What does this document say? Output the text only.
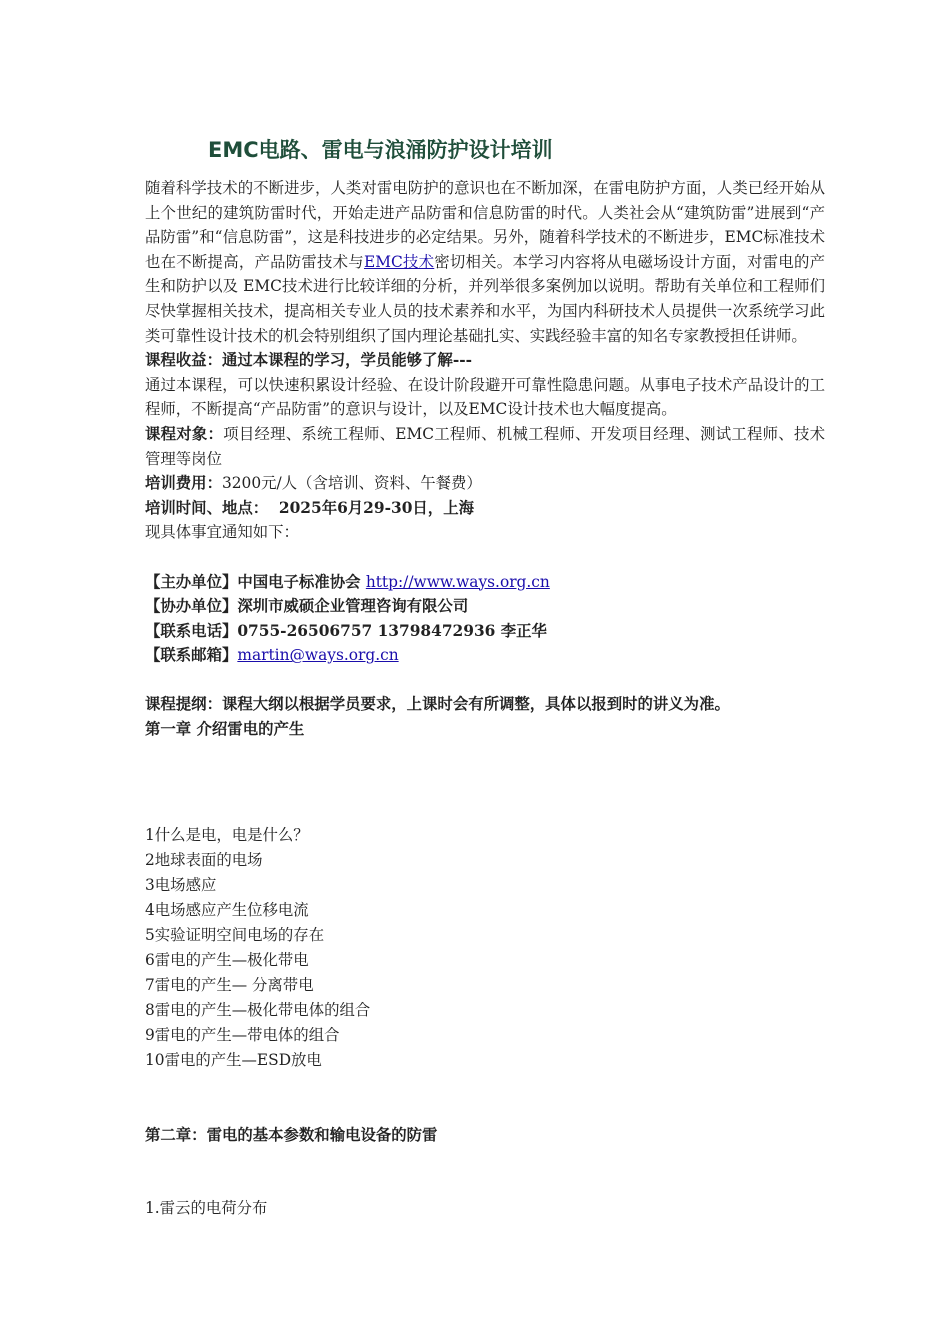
EMC电路、雷电与浪涌防护设计培训
随着科学技术的不断进步，人类对雷电防护的意识也在不断加深，在雷电防护方面，人类已经开始从上个世纪的建筑防雷时代，开始走进产品防雷和信息防雷的时代。人类社会从“建筑防雷”进展到“产品防雷”和“信息防雷”，这是科技进步的必定结果。另外，随着科学技术的不断进步，EMC标准技术也在不断提高，产品防雷技术与EMC技术密切相关。本学习内容将从电磁场设计方面，对雷电的产生和防护以及 EMC技术进行比较详细的分析，并列举很多案例加以说明。帮助有关单位和工程师们尽快掌握相关技术，提高相关专业人员的技术素养和水平，为国内科研技术人员提供一次系统学习此类可靠性设计技术的机会特别组织了国内理论基础扎实、实践经验丰富的知名专家教授担任讲师。
课程收益：通过本课程的学习，学员能够了解---
通过本课程，可以快速积累设计经验、在设计阶段避开可靠性隐患问题。从事电子技术产品设计的工程师，不断提高“产品防雷”的意识与设计，以及EMC设计技术也大幅度提高。
课程对象：项目经理、系统工程师、EMC工程师、机械工程师、开发项目经理、测试工程师、技术管理等岗位
培训费用：3200元/人（含培训、资料、午餐费）
培训时间、地点： 2025年6月29-30日，上海
现具体事宜通知如下：
【主办单位】中国电子标准协会 http://www.ways.org.cn
【协办单位】深圳市威硕企业管理咨询有限公司
【联系电话】0755-26506757 13798472936 李正华
【联系邮箱】martin@ways.org.cn
课程提纲：课程大纲以根据学员要求，上课时会有所调整，具体以报到时的讲义为准。
第一章 介绍雷电的产生
1什么是电，电是什么？
2地球表面的电场
3电场感应
4电场感应产生位移电流
5实验证明空间电场的存在
6雷电的产生—极化带电
7雷电的产生— 分离带电
8雷电的产生—极化带电体的组合
9雷电的产生—带电体的组合
10雷电的产生—ESD放电
第二章：雷电的基本参数和输电设备的防雷
1.雷云的电荷分布
